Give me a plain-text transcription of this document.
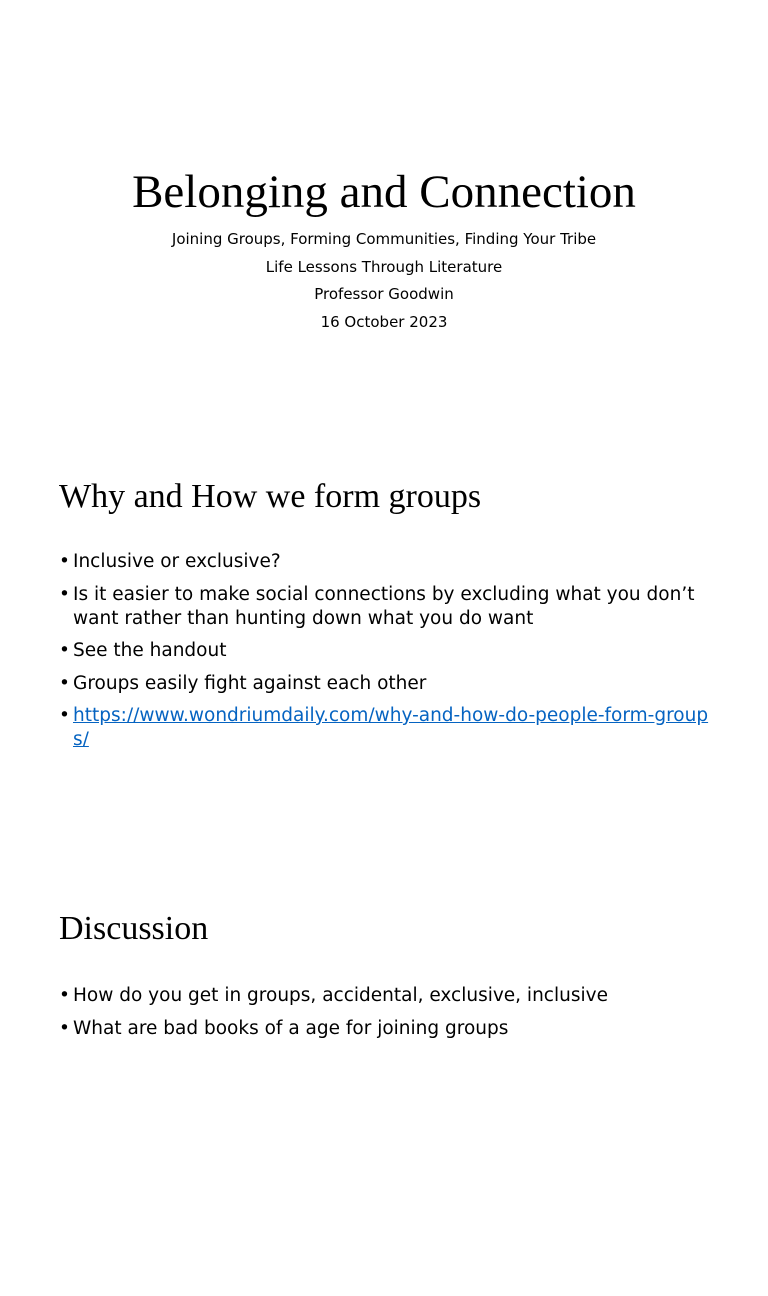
Belonging and Connection
Joining Groups, Forming Communities, Finding Your Tribe
Life Lessons Through Literature
Professor Goodwin
16 October 2023
Why and How we form groups
• Inclusive or exclusive?
• Is it easier to make social connections by excluding what you don’t want rather than hunting down what you do want
• See the handout
• Groups easily fight against each other
• https://www.wondriumdaily.com/why-and-how-do-people-form-groups/
Discussion
• How do you get in groups, accidental, exclusive, inclusive
• What are bad books of a age for joining groups
